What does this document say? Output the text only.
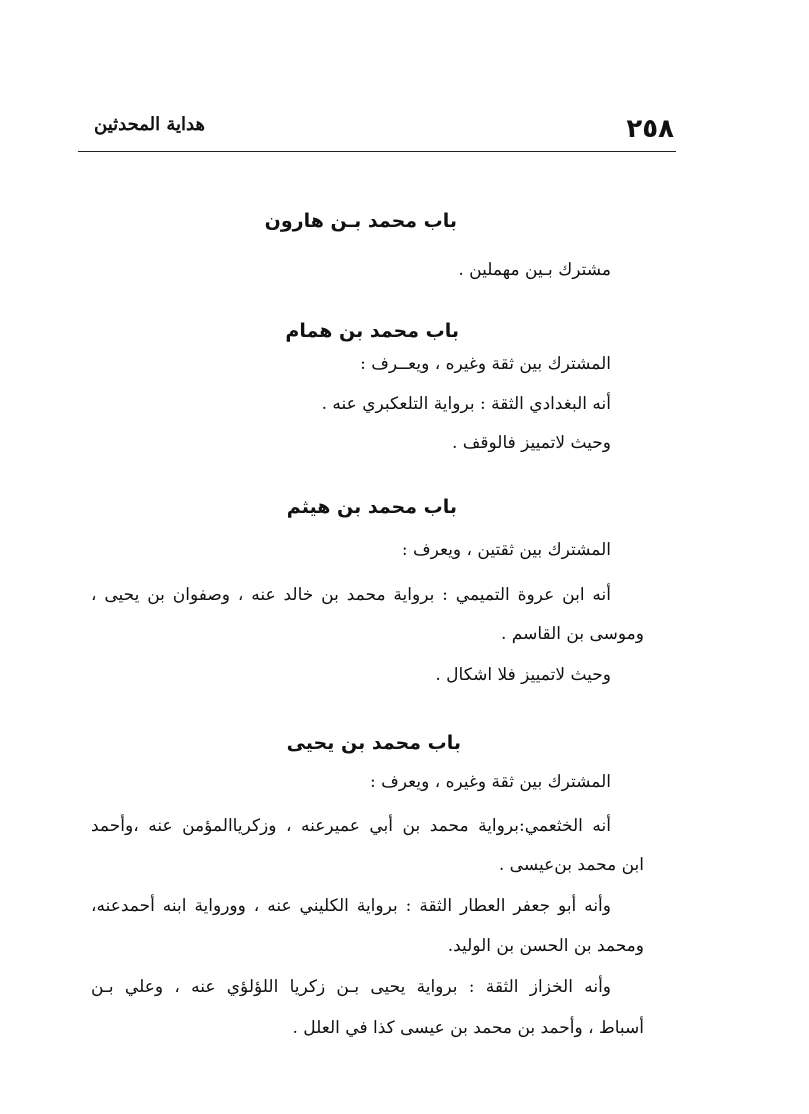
٢٥٨
هداية المحدثين
باب محمد بـن هارون
مشترك بـين مهملين .
باب محمد بن همام
المشترك بين ثقة وغيره ، ويعــرف :
أنه البغدادي الثقة : برواية التلعكبري عنه .
وحيث لاتمييز فالوقف .
باب محمد بن هيثم
المشترك بين ثقتين ، ويعرف :
أنه ابن عروة التميمي : برواية محمد بن خالد عنه ، وصفوان بن يحيى ،
وموسى بن القاسم .
وحيث لاتمييز فلا اشكال .
باب محمد بن يحيى
المشترك بين ثقة وغيره ، ويعرف :
أنه الخثعمي:برواية محمد بن أبي عميرعنه ، وزكرياالمؤمن عنه ،وأحمد
ابن محمد بن‌عيسى .
وأنه أبو جعفر العطار الثقة : برواية الكليني عنه ، وورواية ابنه أحمدعنه،
ومحمد بن الحسن بن الوليد.
وأنه الخزاز الثقة : برواية يحيى بـن زكريا اللؤلؤي عنه ، وعلي بـن
أسباط ، وأحمد بن محمد بن عيسى كذا في العلل .
